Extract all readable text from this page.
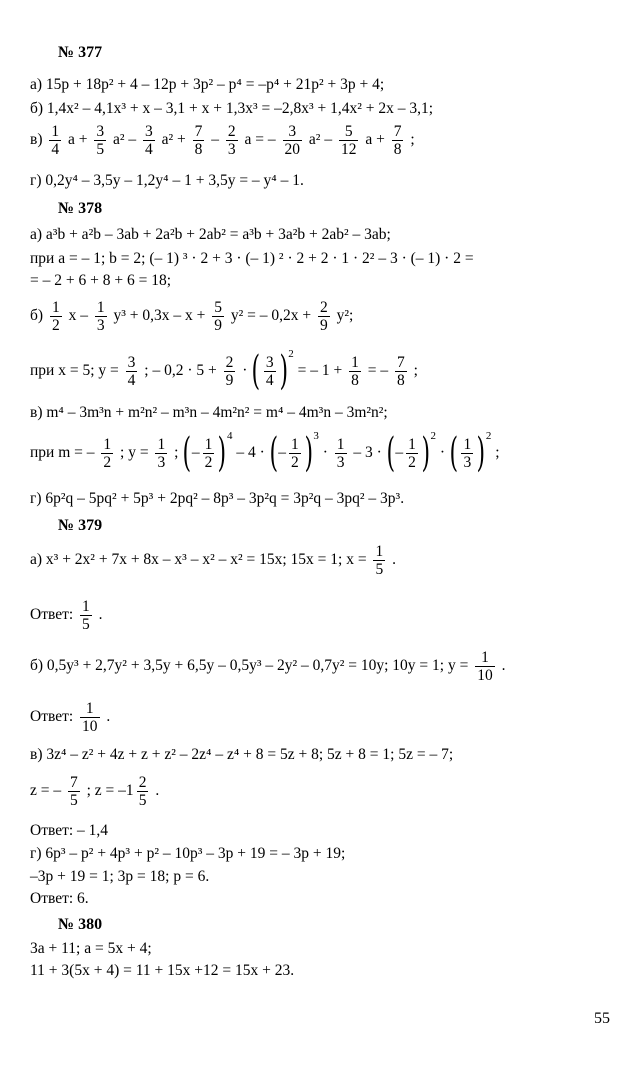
№ 377
а) 15p + 18p² + 4 – 12p + 3p² – p⁴ = –p⁴ + 21p² + 3p + 4;
б) 1,4x² – 4,1x³ + x – 3,1 + x + 1,3x³ = –2,8x³ + 1,4x² + 2x – 3,1;
$в) \frac{1}{4}$ $a + \frac{3}{5} a^2 - \frac{3}{4} a^2 + \frac{7}{8} - \frac{2}{3}$ a = – $\frac{3}{20} a^2 - \frac{5}{12}$ $a + \frac{7}{8}$ ;
г) 0,2y⁴ – 3,5y – 1,2y⁴ – 1 + 3,5y = – y⁴ – 1.
№ 378
а) a³b + a²b – 3ab + 2a²b + 2ab² = a³b + 3a²b + 2ab² – 3ab;
при a = – 1; b = 2; (– 1) ³ · 2 + 3 · (– 1) ² · 2 + 2 · 1 · 2² – 3 · (– 1) · 2 =
= – 2 + 6 + 8 + 6 = 18;
$б) \frac{1}{2}$ $x - \frac{1}{3} y^3 + 0,3x - x + \frac{5}{9} y^2$ = – $0,2x + \frac{2}{9} y^2$;
при x = 5; $y = \frac{3}{4}$ ; – $0,2 \cdot 5 + \frac{2}{9}$ · ( $\frac{3}{4} )^2$ = – $1 + \frac{1}{8}$ = – $\frac{7}{8}$ ;
в) m⁴ – 3m³n + m²n² – m³n – 4m²n² = m⁴ – 4m³n – 3m²n²;
при m = – $\frac{1}{2}$ ; $y = \frac{1}{3}$ ; (– $\frac{1}{2} )^4 - 4$ · (– $\frac{1}{2} )^3 \cdot \frac{1}{3} - 3$ · (– $\frac{1}{2} )^2$ · ( $\frac{1}{3} )^2$ ;
г) 6p²q – 5pq² + 5p³ + 2pq² – 8p³ – 3p²q = 3p²q – 3pq² – 3p³.
№ 379
а) x³ + 2x² + 7x + 8x – x³ – x² – x² = 15x; 15x = 1; $x = \frac{1}{5}$ .
Ответ: $\frac{1}{5}$ .
б) 0,5y³ + 2,7y² + 3,5y + 6,5y – 0,5y³ – 2y² – 0,7y² = 10y; 10y = 1; $y = \frac{1}{10}$ .
Ответ: $\frac{1}{10}$ .
в) 3z⁴ – z² + 4z + z + z² – 2z⁴ – z⁴ + 8 = 5z + 8; 5z + 8 = 1; 5z = – 7;
z = – $\frac{7}{5}$ ; $z = -1 \frac{2}{5}$ .
Ответ: – 1,4
г) 6p³ – p² + 4p³ + p² – 10p³ – 3p + 19 = – 3p + 19;
–3p + 19 = 1; 3p = 18; p = 6.
Ответ: 6.
№ 380
3a + 11; a = 5x + 4;
11 + 3(5x + 4) = 11 + 15x +12 = 15x + 23.
55
